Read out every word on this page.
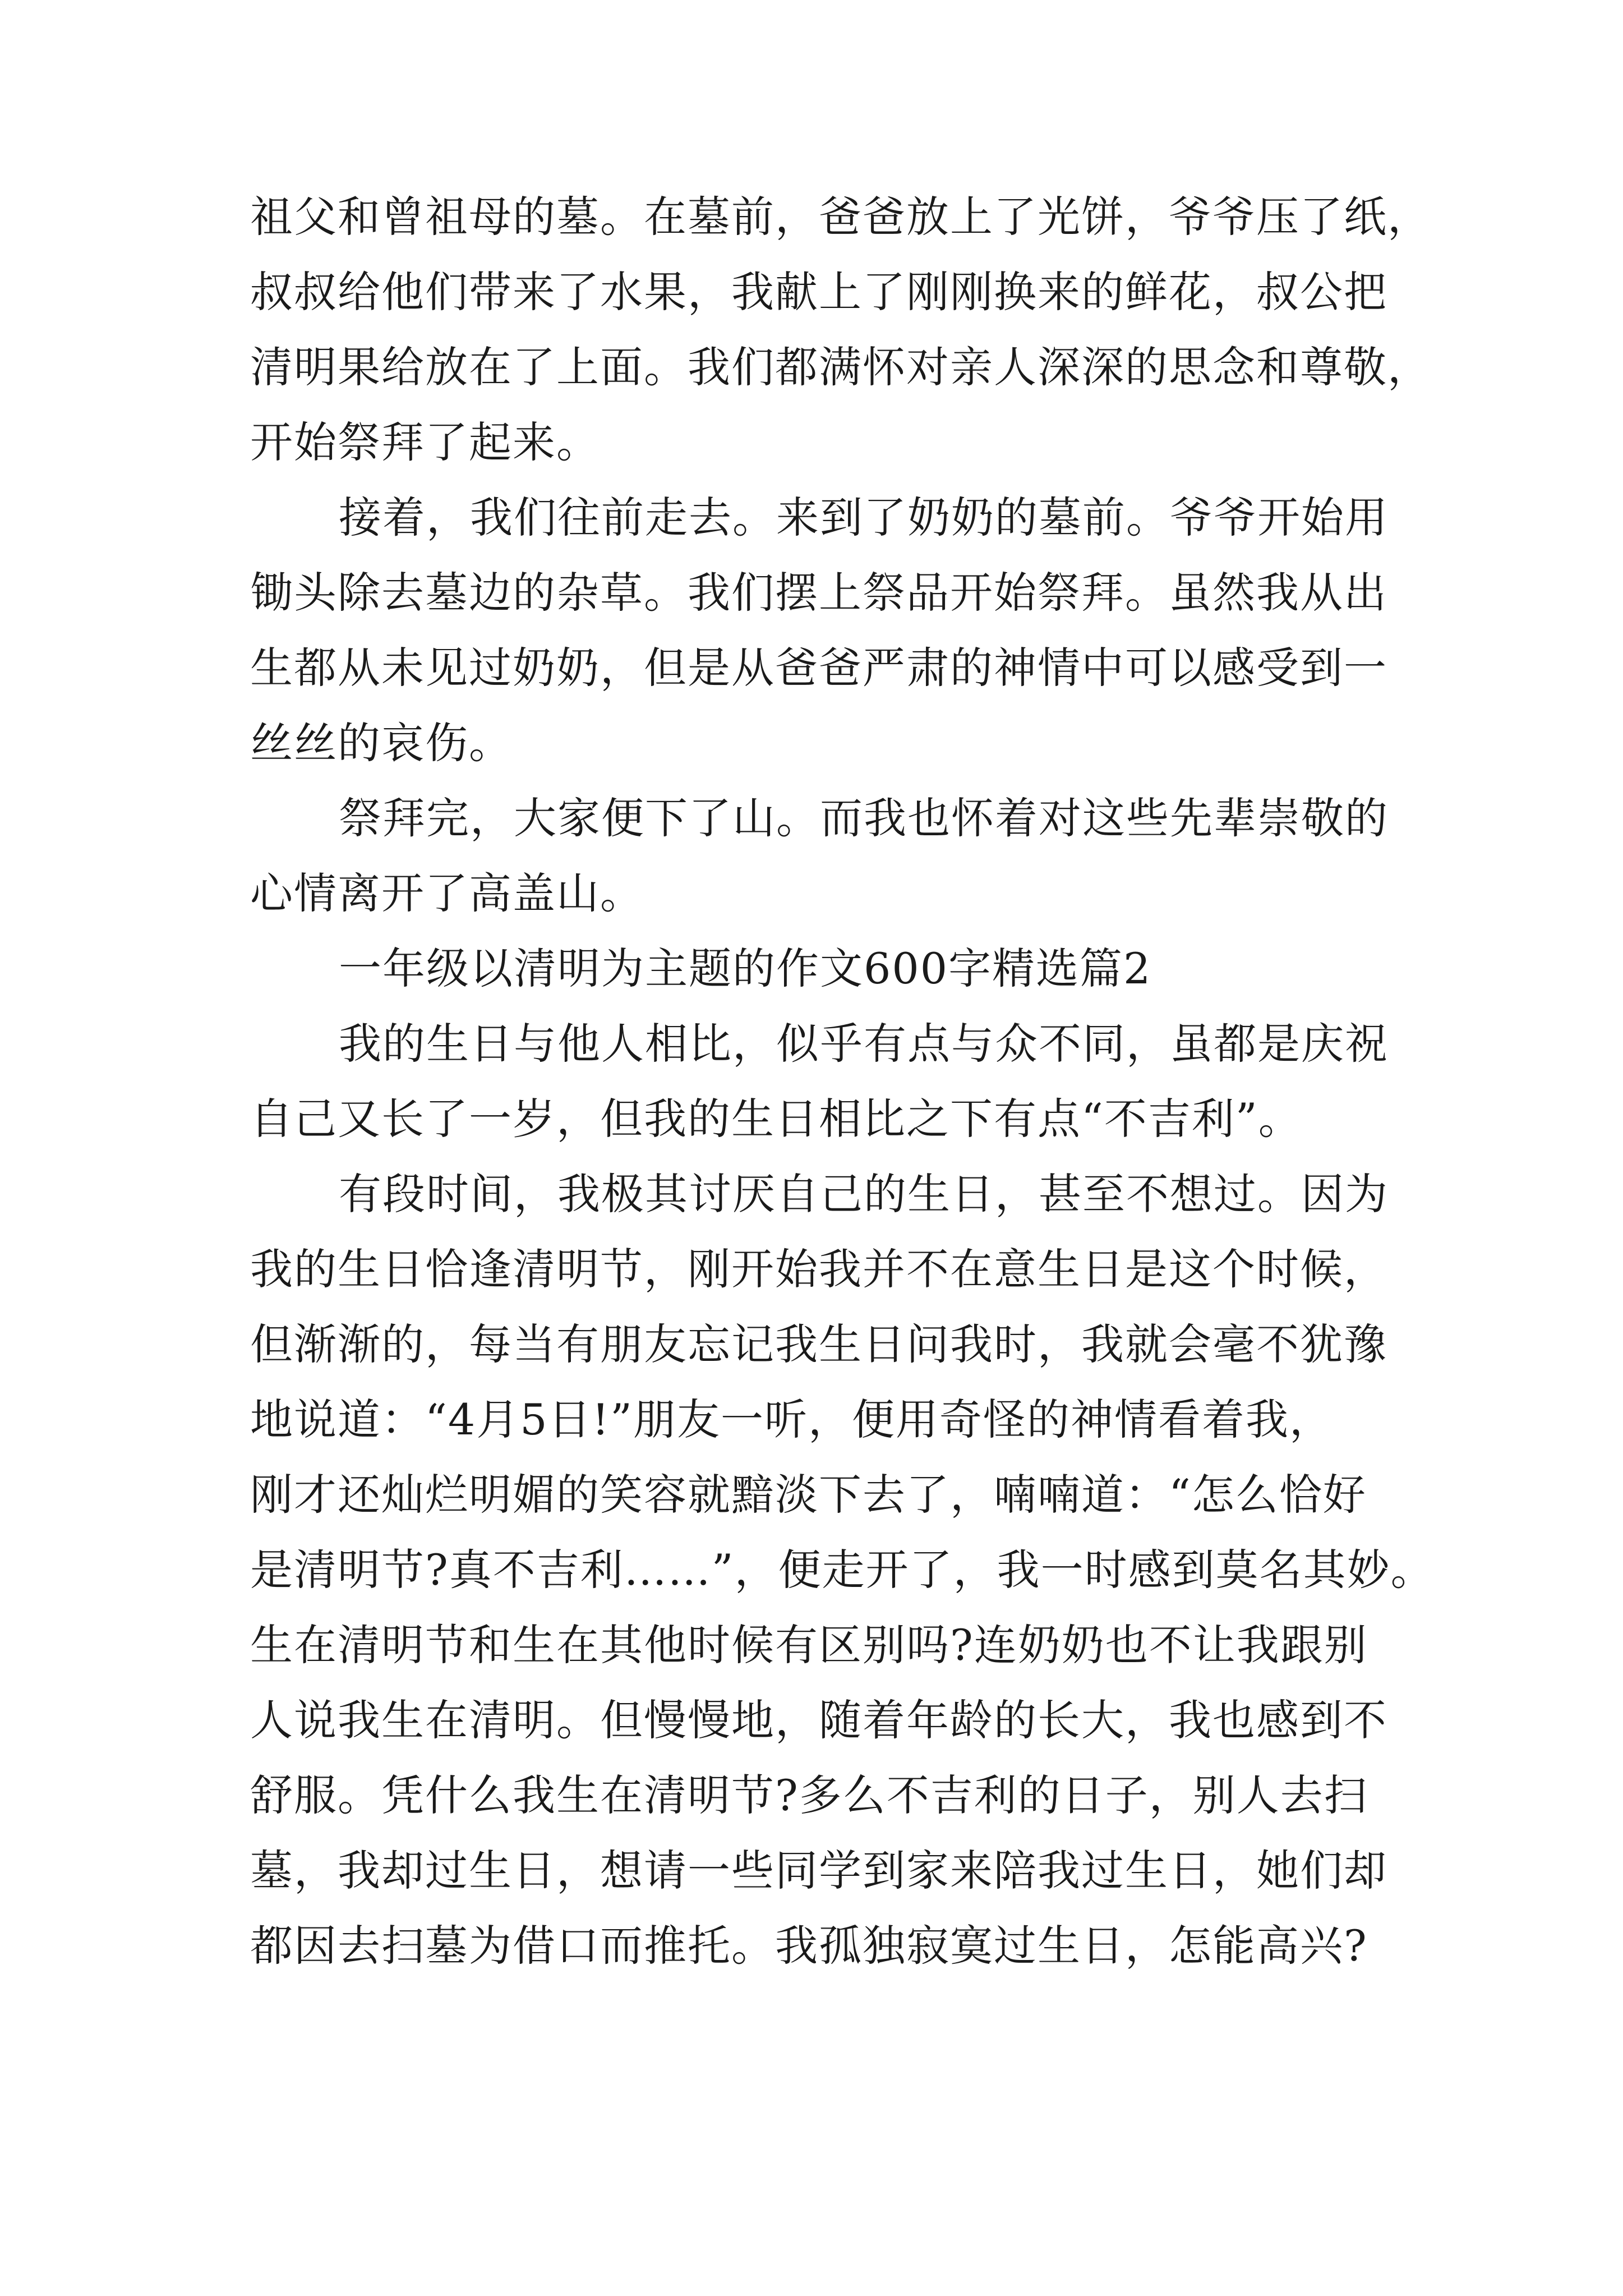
祖父和曾祖母的墓。在墓前，爸爸放上了光饼，爷爷压了纸，
叔叔给他们带来了水果，我献上了刚刚换来的鲜花，叔公把
清明果给放在了上面。我们都满怀对亲人深深的思念和尊敬，
开始祭拜了起来。
接着，我们往前走去。来到了奶奶的墓前。爷爷开始用
锄头除去墓边的杂草。我们摆上祭品开始祭拜。虽然我从出
生都从未见过奶奶，但是从爸爸严肃的神情中可以感受到一
丝丝的哀伤。
祭拜完，大家便下了山。而我也怀着对这些先辈崇敬的
心情离开了高盖山。
一年级以清明为主题的作文600字精选篇2
我的生日与他人相比，似乎有点与众不同，虽都是庆祝
自己又长了一岁，但我的生日相比之下有点“不吉利”。
有段时间，我极其讨厌自己的生日，甚至不想过。因为
我的生日恰逢清明节，刚开始我并不在意生日是这个时候，
但渐渐的，每当有朋友忘记我生日问我时，我就会毫不犹豫
地说道：“4月5日!”朋友一听，便用奇怪的神情看着我，
刚才还灿烂明媚的笑容就黯淡下去了，喃喃道：“怎么恰好
是清明节?真不吉利……”，便走开了，我一时感到莫名其妙。
生在清明节和生在其他时候有区别吗?连奶奶也不让我跟别
人说我生在清明。但慢慢地，随着年龄的长大，我也感到不
舒服。凭什么我生在清明节?多么不吉利的日子，别人去扫
墓，我却过生日，想请一些同学到家来陪我过生日，她们却
都因去扫墓为借口而推托。我孤独寂寞过生日，怎能高兴?
